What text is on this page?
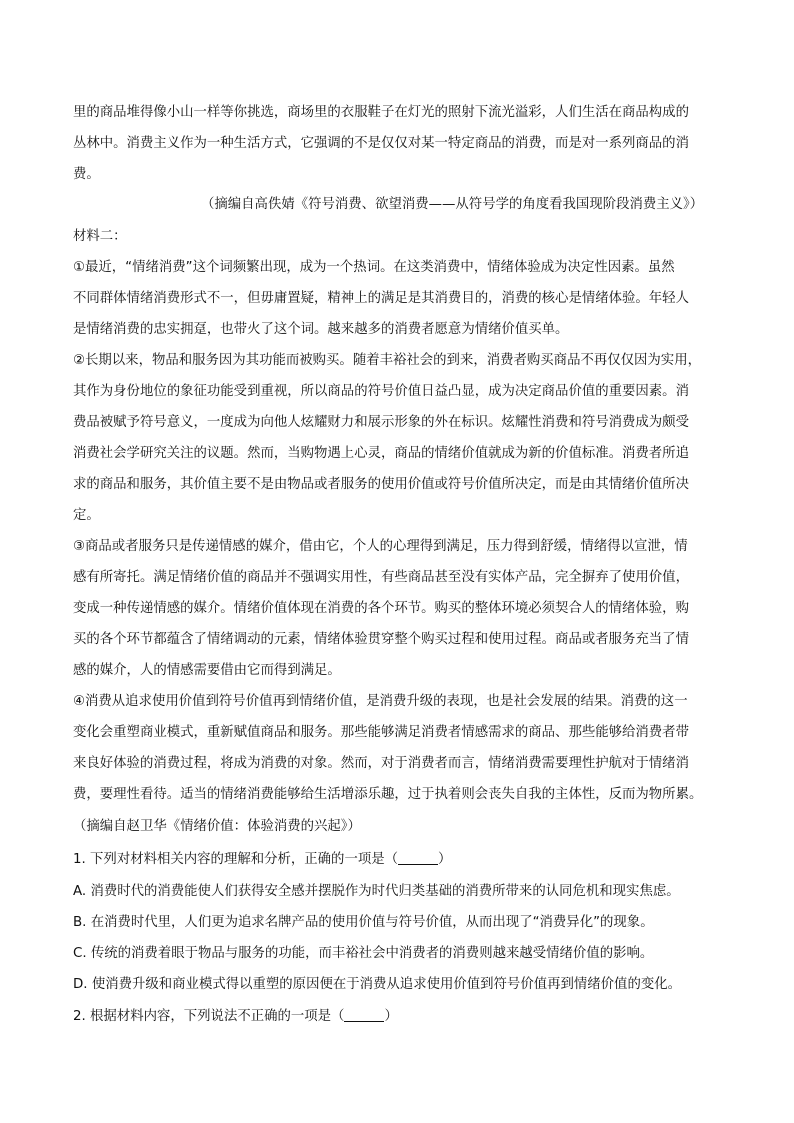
里的商品堆得像小山一样等你挑选，商场里的衣服鞋子在灯光的照射下流光溢彩，人们生活在商品构成的
丛林中。消费主义作为一种生活方式，它强调的不是仅仅对某一特定商品的消费，而是对一系列商品的消
费。
（摘编自高佚婧《符号消费、欲望消费——从符号学的角度看我国现阶段消费主义》）
材料二：
①最近，“情绪消费”这个词频繁出现，成为一个热词。在这类消费中，情绪体验成为决定性因素。虽然
不同群体情绪消费形式不一，但毋庸置疑，精神上的满足是其消费目的，消费的核心是情绪体验。年轻人
是情绪消费的忠实拥趸，也带火了这个词。越来越多的消费者愿意为情绪价值买单。
②长期以来，物品和服务因为其功能而被购买。随着丰裕社会的到来，消费者购买商品不再仅仅因为实用，
其作为身份地位的象征功能受到重视，所以商品的符号价值日益凸显，成为决定商品价值的重要因素。消
费品被赋予符号意义，一度成为向他人炫耀财力和展示形象的外在标识。炫耀性消费和符号消费成为颇受
消费社会学研究关注的议题。然而，当购物遇上心灵，商品的情绪价值就成为新的价值标准。消费者所追
求的商品和服务，其价值主要不是由物品或者服务的使用价值或符号价值所决定，而是由其情绪价值所决
定。
③商品或者服务只是传递情感的媒介，借由它，个人的心理得到满足，压力得到舒缓，情绪得以宣泄，情
感有所寄托。满足情绪价值的商品并不强调实用性，有些商品甚至没有实体产品，完全摒弃了使用价值，
变成一种传递情感的媒介。情绪价值体现在消费的各个环节。购买的整体环境必须契合人的情绪体验，购
买的各个环节都蕴含了情绪调动的元素，情绪体验贯穿整个购买过程和使用过程。商品或者服务充当了情
感的媒介，人的情感需要借由它而得到满足。
④消费从追求使用价值到符号价值再到情绪价值，是消费升级的表现，也是社会发展的结果。消费的这一
变化会重塑商业模式，重新赋值商品和服务。那些能够满足消费者情感需求的商品、那些能够给消费者带
来良好体验的消费过程，将成为消费的对象。然而，对于消费者而言，情绪消费需要理性护航对于情绪消
费，要理性看待。适当的情绪消费能够给生活增添乐趣，过于执着则会丧失自我的主体性，反而为物所累。
（摘编自赵卫华《情绪价值：体验消费的兴起》）
1. 下列对材料相关内容的理解和分析，正确的一项是（	）
A. 消费时代的消费能使人们获得安全感并摆脱作为时代归类基础的消费所带来的认同危机和现实焦虑。
B. 在消费时代里，人们更为追求名牌产品的使用价值与符号价值，从而出现了“消费异化”的现象。
C. 传统的消费着眼于物品与服务的功能，而丰裕社会中消费者的消费则越来越受情绪价值的影响。
D. 使消费升级和商业模式得以重塑的原因便在于消费从追求使用价值到符号价值再到情绪价值的变化。
2. 根据材料内容，下列说法不正确的一项是（	）
